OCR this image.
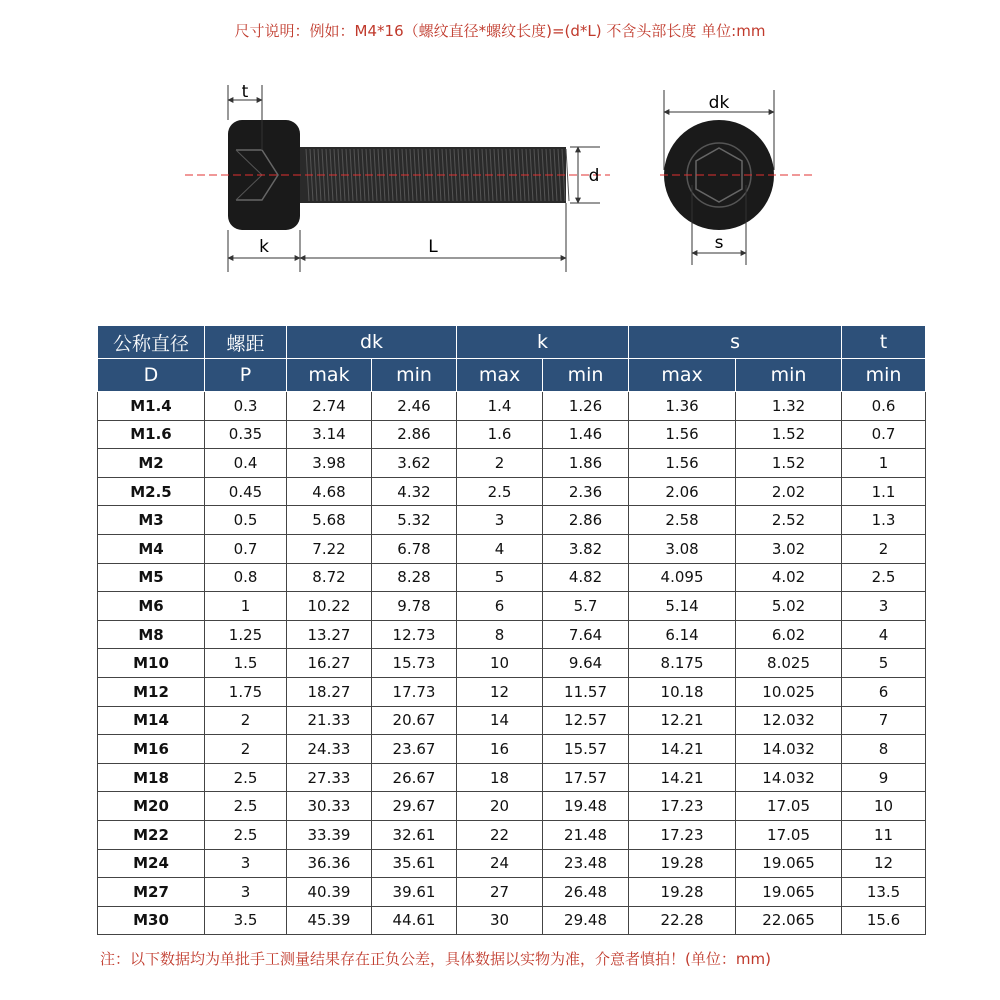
尺寸说明：例如：M4*16（螺纹直径*螺纹长度)=(d*L) 不含头部长度 单位:mm
t
k	L
d
dk
s
公称直径	螺距	dk		k		s		t
D	P	mak	min	max	min	max	min	min
M1.4	0.3	2.74	2.46	1.4	1.26	1.36	1.32	0.6
M1.6	0.35	3.14	2.86	1.6	1.46	1.56	1.52	0.7
M2	0.4	3.98	3.62	2	1.86	1.56	1.52	1
M2.5	0.45	4.68	4.32	2.5	2.36	2.06	2.02	1.1
M3	0.5	5.68	5.32	3	2.86	2.58	2.52	1.3
M4	0.7	7.22	6.78	4	3.82	3.08	3.02	2
M5	0.8	8.72	8.28	5	4.82	4.095	4.02	2.5
M6	1	10.22	9.78	6	5.7	5.14	5.02	3
M8	1.25	13.27	12.73	8	7.64	6.14	6.02	4
M10	1.5	16.27	15.73	10	9.64	8.175	8.025	5
M12	1.75	18.27	17.73	12	11.57	10.18	10.025	6
M14	2	21.33	20.67	14	12.57	12.21	12.032	7
M16	2	24.33	23.67	16	15.57	14.21	14.032	8
M18	2.5	27.33	26.67	18	17.57	14.21	14.032	9
M20	2.5	30.33	29.67	20	19.48	17.23	17.05	10
M22	2.5	33.39	32.61	22	21.48	17.23	17.05	11
M24	3	36.36	35.61	24	23.48	19.28	19.065	12
M27	3	40.39	39.61	27	26.48	19.28	19.065	13.5
M30	3.5	45.39	44.61	30	29.48	22.28	22.065	15.6
注：以下数据均为单批手工测量结果存在正负公差，具体数据以实物为准，介意者慎拍！(单位：mm)
